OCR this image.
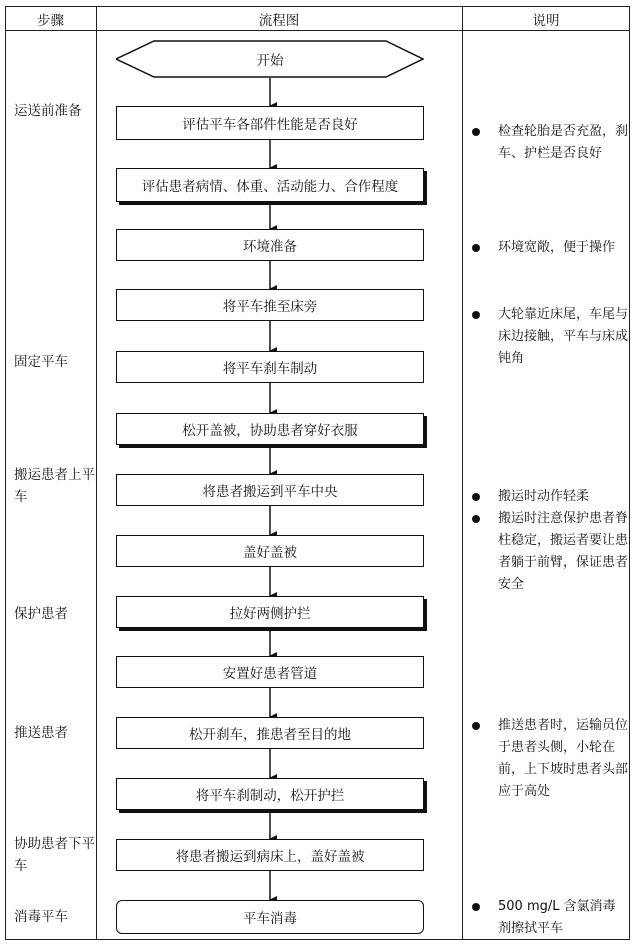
步骤	流程图	说明
运送前准备
固定平车
搬运患者上平车
保护患者
推送患者
协助患者下平车
消毒平车
开始
评估平车各部件性能是否良好
评估患者病情、体重、活动能力、合作程度
环境准备
将平车推至床旁
将平车刹车制动
松开盖被，协助患者穿好衣服
将患者搬运到平车中央
盖好盖被
拉好两侧护拦
安置好患者管道
松开刹车，推患者至目的地
将平车刹制动，松开护拦
将患者搬运到病床上，盖好盖被
平车消毒
检查轮胎是否充盈，刹车、护栏是否良好
环境宽敞，便于操作
大轮靠近床尾，车尾与床边接触，平车与床成钝角
搬运时动作轻柔
搬运时注意保护患者脊柱稳定，搬运者要让患者躺于前臂，保证患者安全
推送患者时，运输员位于患者头侧，小轮在前，上下坡时患者头部应于高处
500 mg/L 含氯消毒剂擦拭平车
